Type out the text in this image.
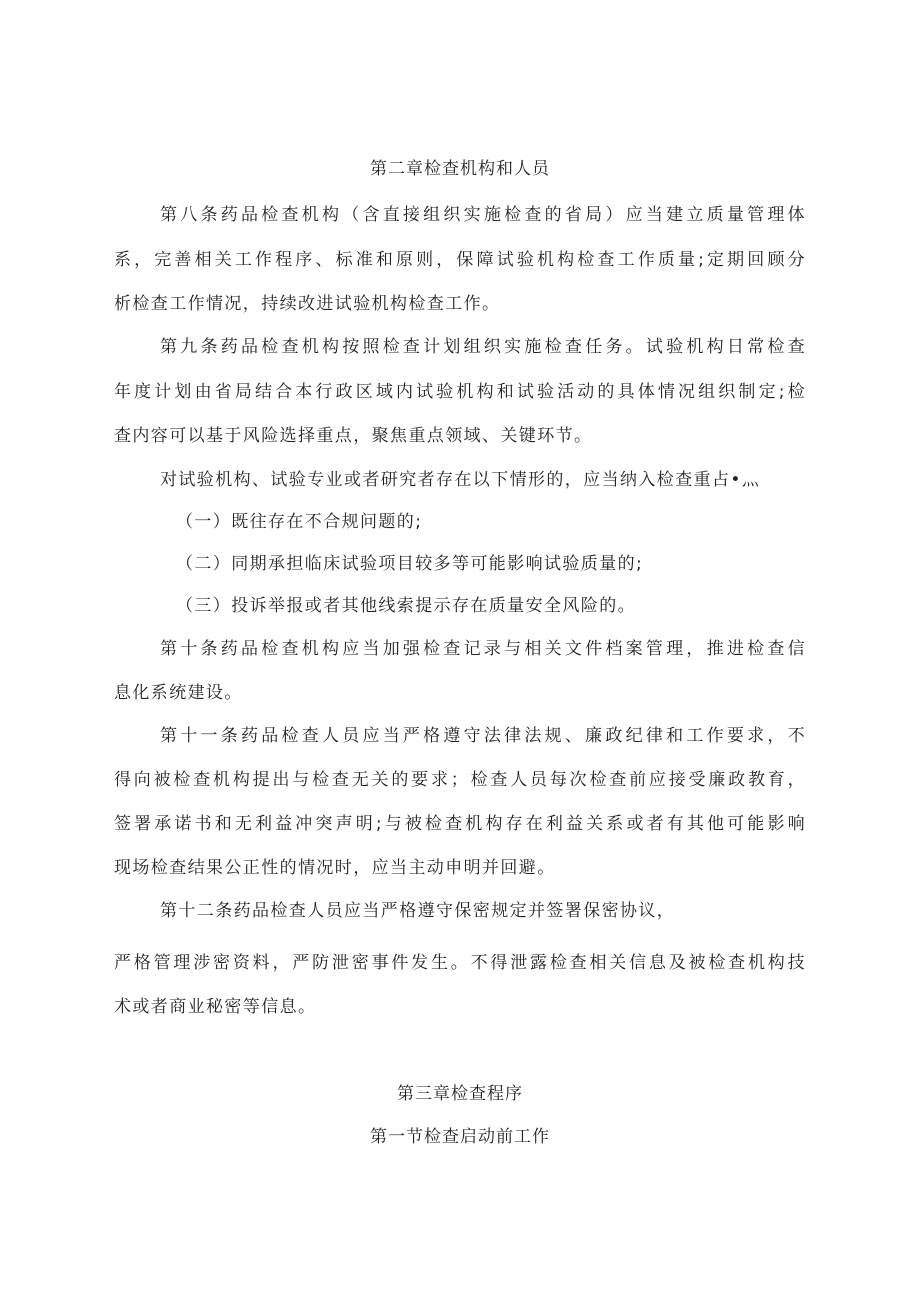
第二章检查机构和人员
第八条药品检查机构（含直接组织实施检查的省局）应当建立质量管理体
系，完善相关工作程序、标准和原则，保障试验机构检查工作质量;定期回顾分
析检查工作情况，持续改进试验机构检查工作。
第九条药品检查机构按照检查计划组织实施检查任务。试验机构日常检查
年度计划由省局结合本行政区域内试验机构和试验活动的具体情况组织制定;检
查内容可以基于风险选择重点，聚焦重点领域、关键环节。
对试验机构、试验专业或者研究者存在以下情形的，应当纳入检查重占•灬
（一）既往存在不合规问题的;
（二）同期承担临床试验项目较多等可能影响试验质量的;
（三）投诉举报或者其他线索提示存在质量安全风险的。
第十条药品检查机构应当加强检查记录与相关文件档案管理，推进检查信
息化系统建设。
第十一条药品检查人员应当严格遵守法律法规、廉政纪律和工作要求，不
得向被检查机构提出与检查无关的要求；检查人员每次检查前应接受廉政教育，
签署承诺书和无利益冲突声明;与被检查机构存在利益关系或者有其他可能影响
现场检查结果公正性的情况时，应当主动申明并回避。
第十二条药品检查人员应当严格遵守保密规定并签署保密协议，
严格管理涉密资料，严防泄密事件发生。不得泄露检查相关信息及被检查机构技
术或者商业秘密等信息。
第三章检查程序
第一节检查启动前工作
